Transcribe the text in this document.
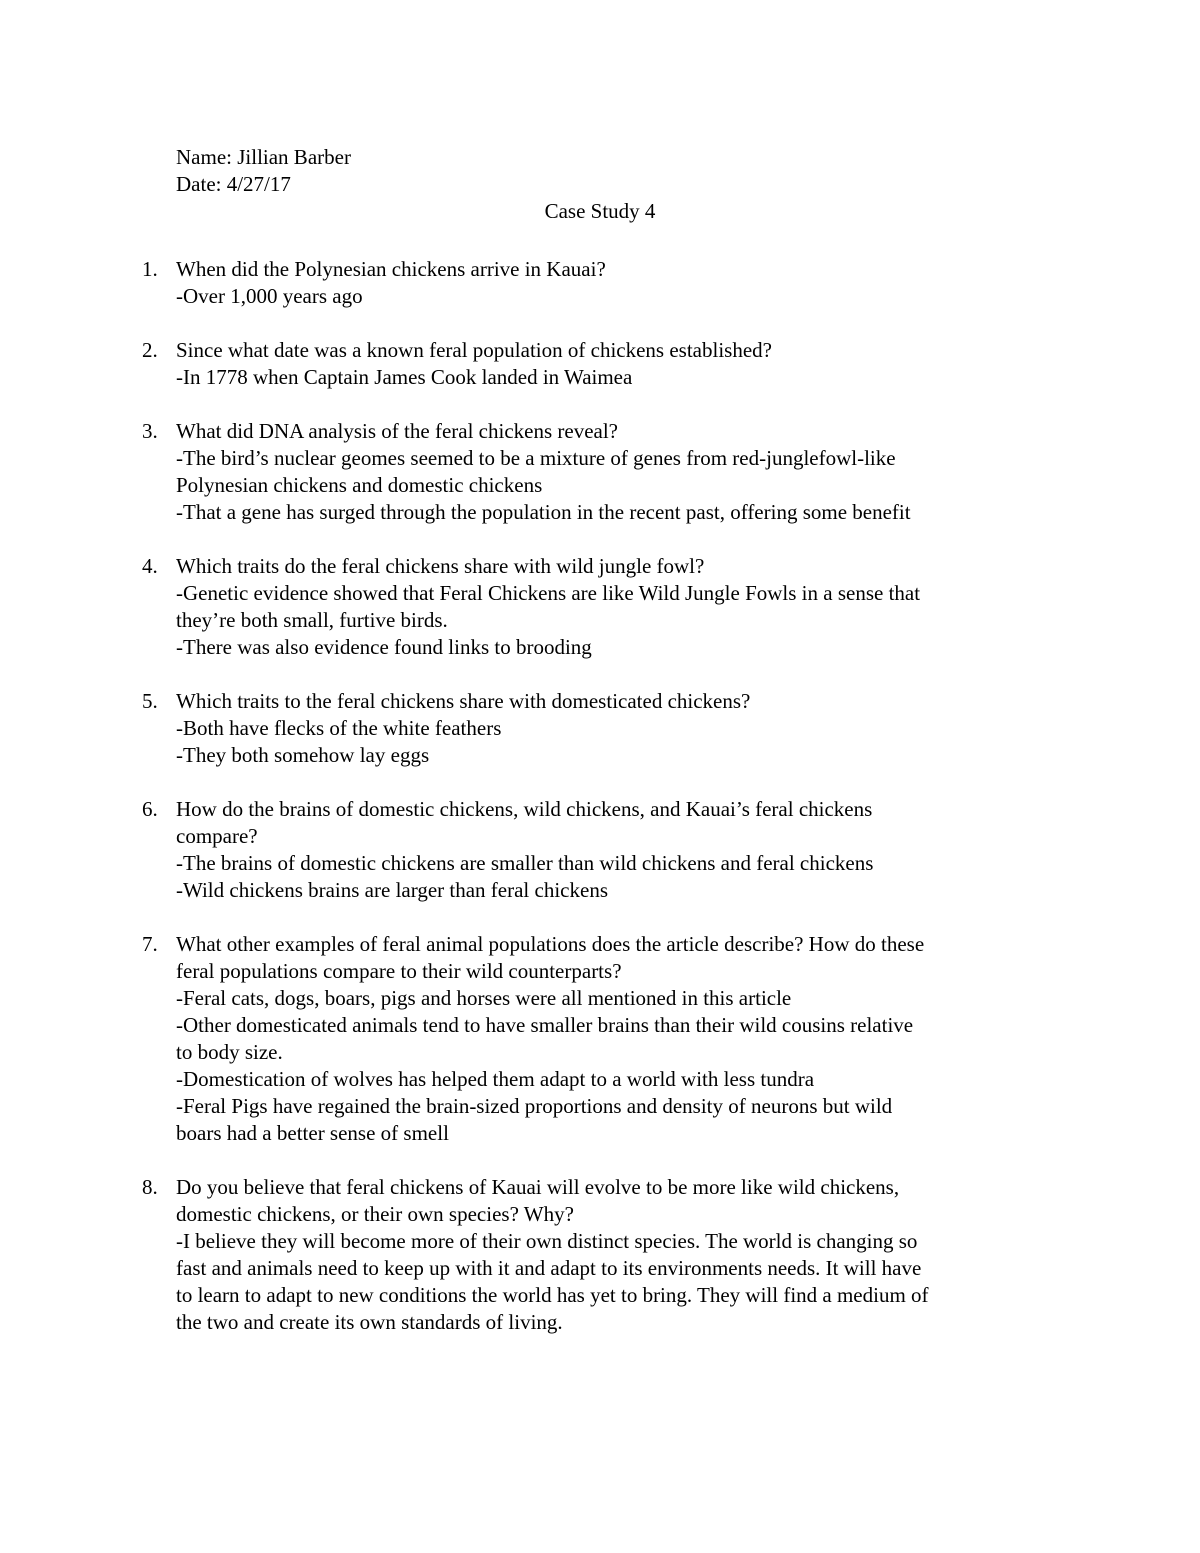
Name: Jillian Barber
Date: 4/27/17
Case Study 4
1. When did the Polynesian chickens arrive in Kauai?
-Over 1,000 years ago
2. Since what date was a known feral population of chickens established?
-In 1778 when Captain James Cook landed in Waimea
3. What did DNA analysis of the feral chickens reveal?
-The bird’s nuclear geomes seemed to be a mixture of genes from red-junglefowl-like
Polynesian chickens and domestic chickens
-That a gene has surged through the population in the recent past, offering some benefit
4. Which traits do the feral chickens share with wild jungle fowl?
-Genetic evidence showed that Feral Chickens are like Wild Jungle Fowls in a sense that
they’re both small, furtive birds.
-There was also evidence found links to brooding
5. Which traits to the feral chickens share with domesticated chickens?
-Both have flecks of the white feathers
-They both somehow lay eggs
6. How do the brains of domestic chickens, wild chickens, and Kauai’s feral chickens
compare?
-The brains of domestic chickens are smaller than wild chickens and feral chickens
-Wild chickens brains are larger than feral chickens
7. What other examples of feral animal populations does the article describe? How do these
feral populations compare to their wild counterparts?
-Feral cats, dogs, boars, pigs and horses were all mentioned in this article
-Other domesticated animals tend to have smaller brains than their wild cousins relative
to body size.
-Domestication of wolves has helped them adapt to a world with less tundra
-Feral Pigs have regained the brain-sized proportions and density of neurons but wild
boars had a better sense of smell
8. Do you believe that feral chickens of Kauai will evolve to be more like wild chickens,
domestic chickens, or their own species? Why?
-I believe they will become more of their own distinct species. The world is changing so
fast and animals need to keep up with it and adapt to its environments needs. It will have
to learn to adapt to new conditions the world has yet to bring. They will find a medium of
the two and create its own standards of living.
